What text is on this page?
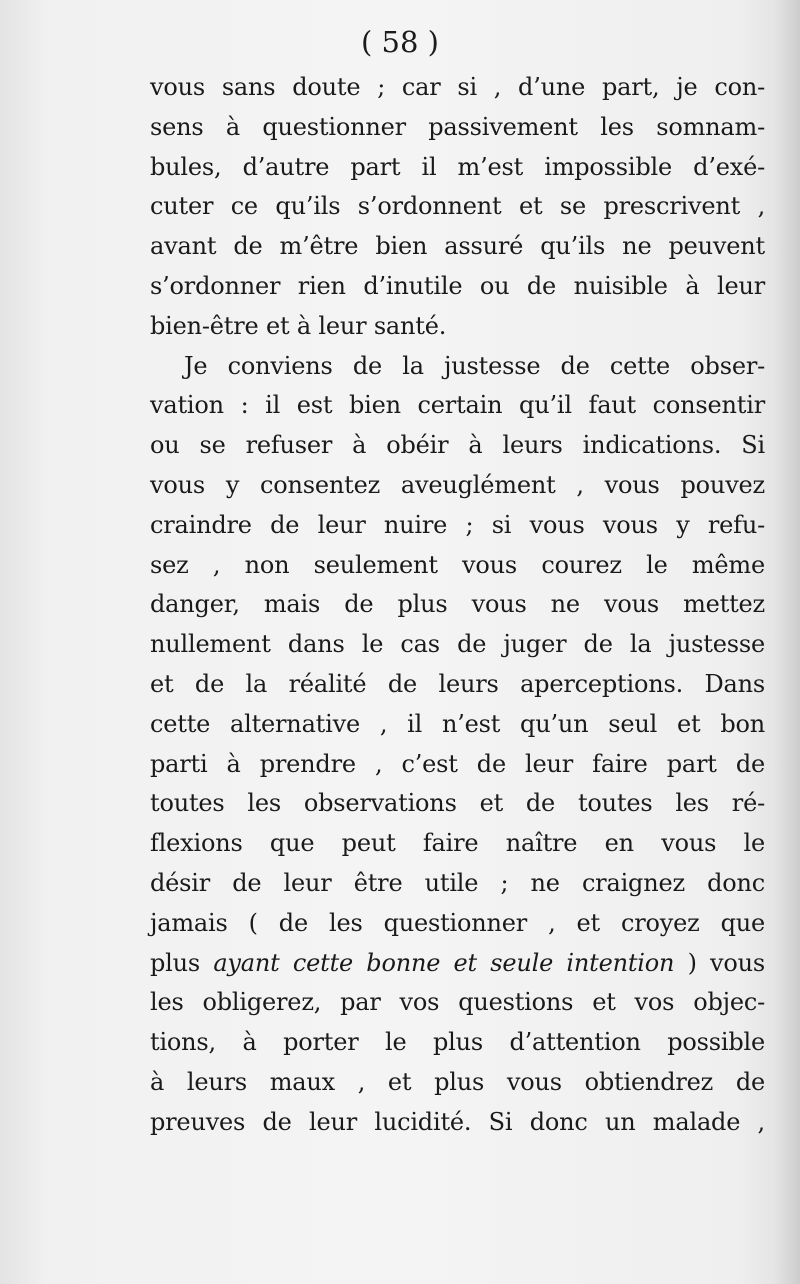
( 58 )
vous sans doute ; car si , d’une part, je con-
sens à questionner passivement les somnam-
bules, d’autre part il m’est impossible d’exé-
cuter ce qu’ils s’ordonnent et se prescrivent ,
avant de m’être bien assuré qu’ils ne peuvent
s’ordonner rien d’inutile ou de nuisible à leur
bien-être et à leur santé.
Je conviens de la justesse de cette obser-
vation : il est bien certain qu’il faut consentir
ou se refuser à obéir à leurs indications. Si
vous y consentez aveuglément , vous pouvez
craindre de leur nuire ; si vous vous y refu-
sez , non seulement vous courez le même
danger, mais de plus vous ne vous mettez
nullement dans le cas de juger de la justesse
et de la réalité de leurs aperceptions. Dans
cette alternative , il n’est qu’un seul et bon
parti à prendre , c’est de leur faire part de
toutes les observations et de toutes les ré-
flexions que peut faire naître en vous le
désir de leur être utile ; ne craignez donc
jamais ( de les questionner , et croyez que
plus ayant cette bonne et seule intention ) vous
les obligerez, par vos questions et vos objec-
tions, à porter le plus d’attention possible
à leurs maux , et plus vous obtiendrez de
preuves de leur lucidité. Si donc un malade ,
